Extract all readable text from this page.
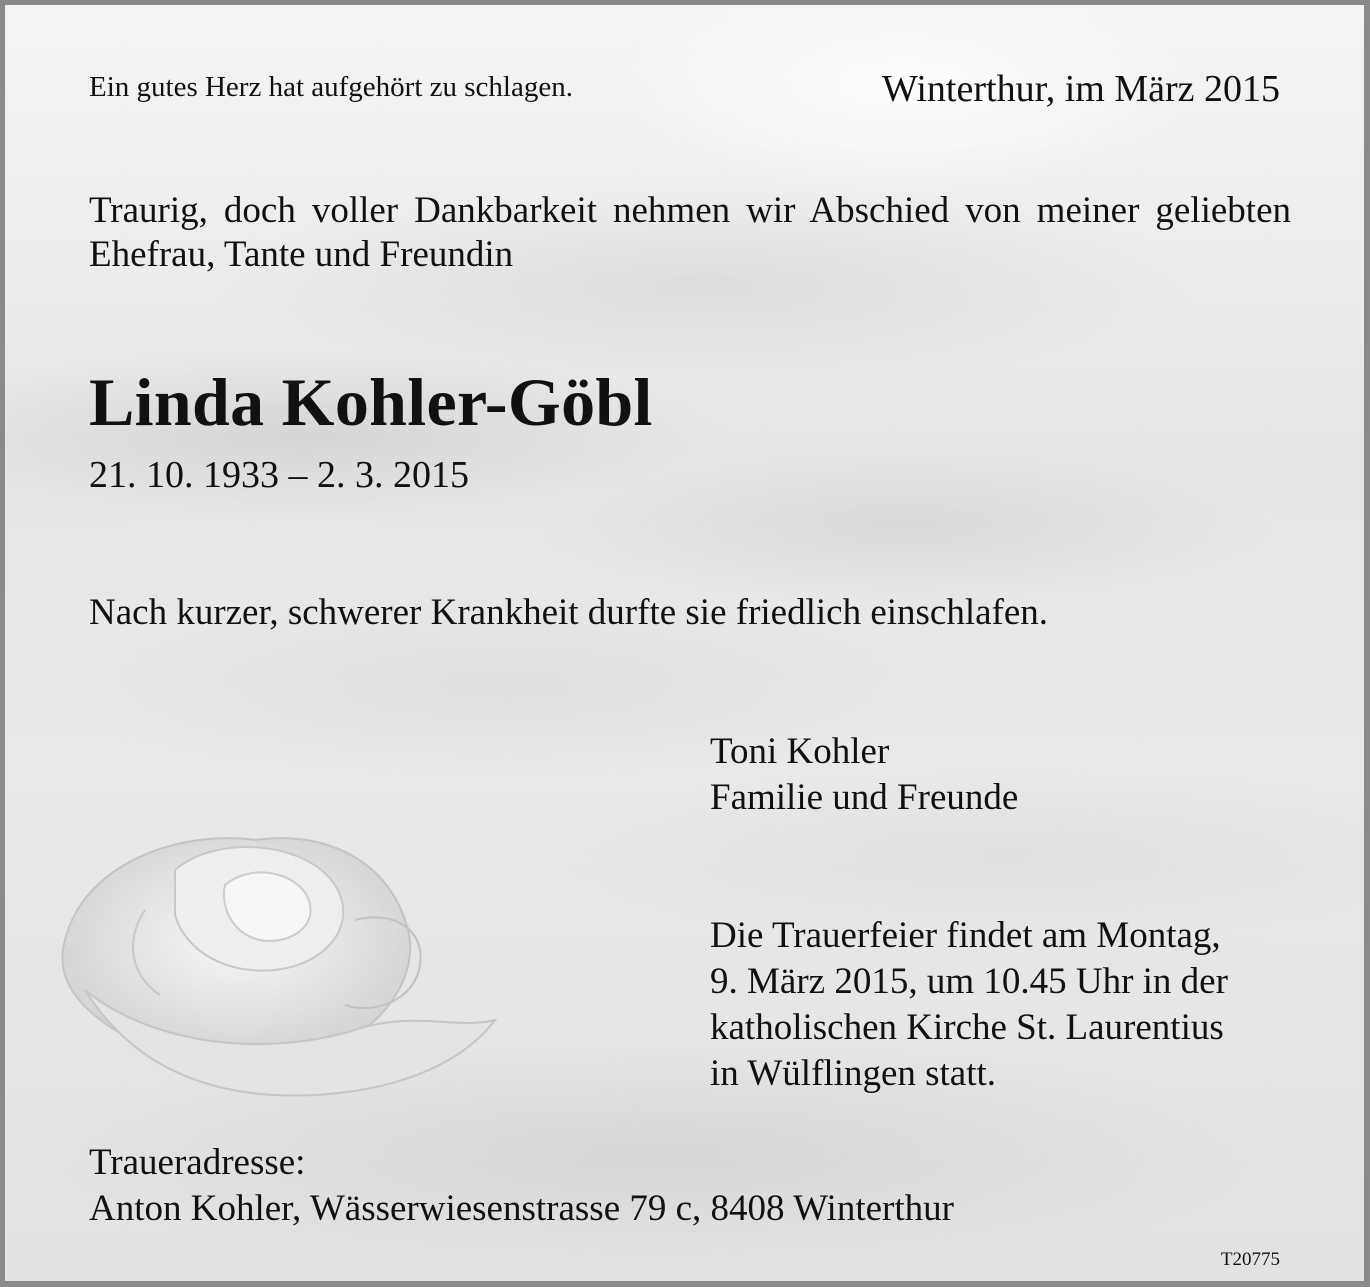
Ein gutes Herz hat aufgehört zu schlagen.	Winterthur, im März 2015

Traurig, doch voller Dankbarkeit nehmen wir Abschied von meiner geliebten Ehefrau, Tante und Freundin

Linda Kohler-Göbl

21. 10. 1933 – 2. 3. 2015

Nach kurzer, schwerer Krankheit durfte sie friedlich einschlafen.

Toni Kohler
Familie und Freunde
Die Trauerfeier findet am Montag,
9. März 2015, um 10.45 Uhr in der
katholischen Kirche St. Laurentius
in Wülflingen statt.
Traueradresse:
Anton Kohler, Wässerwiesenstrasse 79 c, 8408 Winterthur

T20775
